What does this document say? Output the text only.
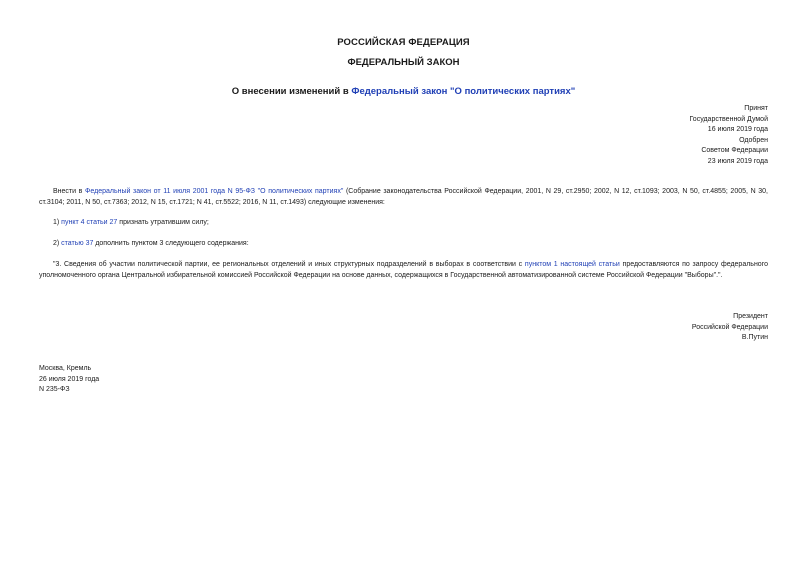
РОССИЙСКАЯ ФЕДЕРАЦИЯ
ФЕДЕРАЛЬНЫЙ ЗАКОН
О внесении изменений в Федеральный закон "О политических партиях"
Принят
Государственной Думой
16 июля 2019 года
Одобрен
Советом Федерации
23 июля 2019 года
Внести в Федеральный закон от 11 июля 2001 года N 95-ФЗ "О политических партиях" (Собрание законодательства Российской Федерации, 2001, N 29, ст.2950; 2002, N 12, ст.1093; 2003, N 50, ст.4855; 2005, N 30, ст.3104; 2011, N 50, ст.7363; 2012, N 15, ст.1721; N 41, ст.5522; 2016, N 11, ст.1493) следующие изменения:
1) пункт 4 статьи 27 признать утратившим силу;
2) статью 37 дополнить пунктом 3 следующего содержания:
"3. Сведения об участии политической партии, ее региональных отделений и иных структурных подразделений в выборах в соответствии с пунктом 1 настоящей статьи предоставляются по запросу федерального уполномоченного органа Центральной избирательной комиссией Российской Федерации на основе данных, содержащихся в Государственной автоматизированной системе Российской Федерации "Выборы".".
Президент
Российской Федерации
В.Путин
Москва, Кремль
26 июля 2019 года
N 235-ФЗ
